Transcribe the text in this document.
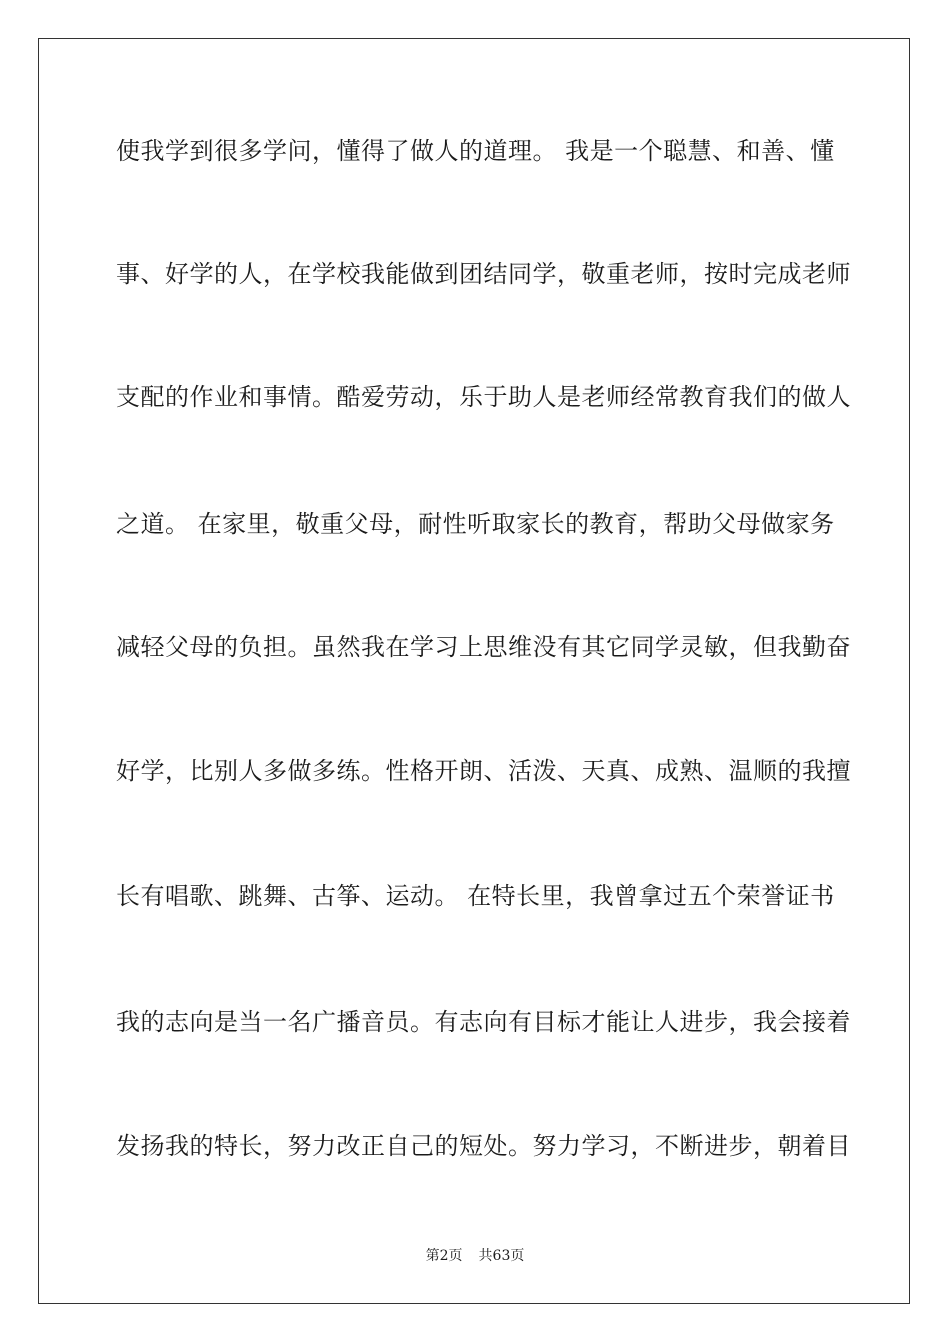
使我学到很多学问，懂得了做人的道理。 我是一个聪慧、和善、懂
事、好学的人，在学校我能做到团结同学，敬重老师，按时完成老师
支配的作业和事情。酷爱劳动，乐于助人是老师经常教育我们的做人
之道。 在家里，敬重父母，耐性听取家长的教育，帮助父母做家务
减轻父母的负担。虽然我在学习上思维没有其它同学灵敏，但我勤奋
好学，比别人多做多练。性格开朗、活泼、天真、成熟、温顺的我擅
长有唱歌、跳舞、古筝、运动。 在特长里，我曾拿过五个荣誉证书
我的志向是当一名广播音员。有志向有目标才能让人进步，我会接着
发扬我的特长，努力改正自己的短处。努力学习，不断进步，朝着目
第2页 共63页
